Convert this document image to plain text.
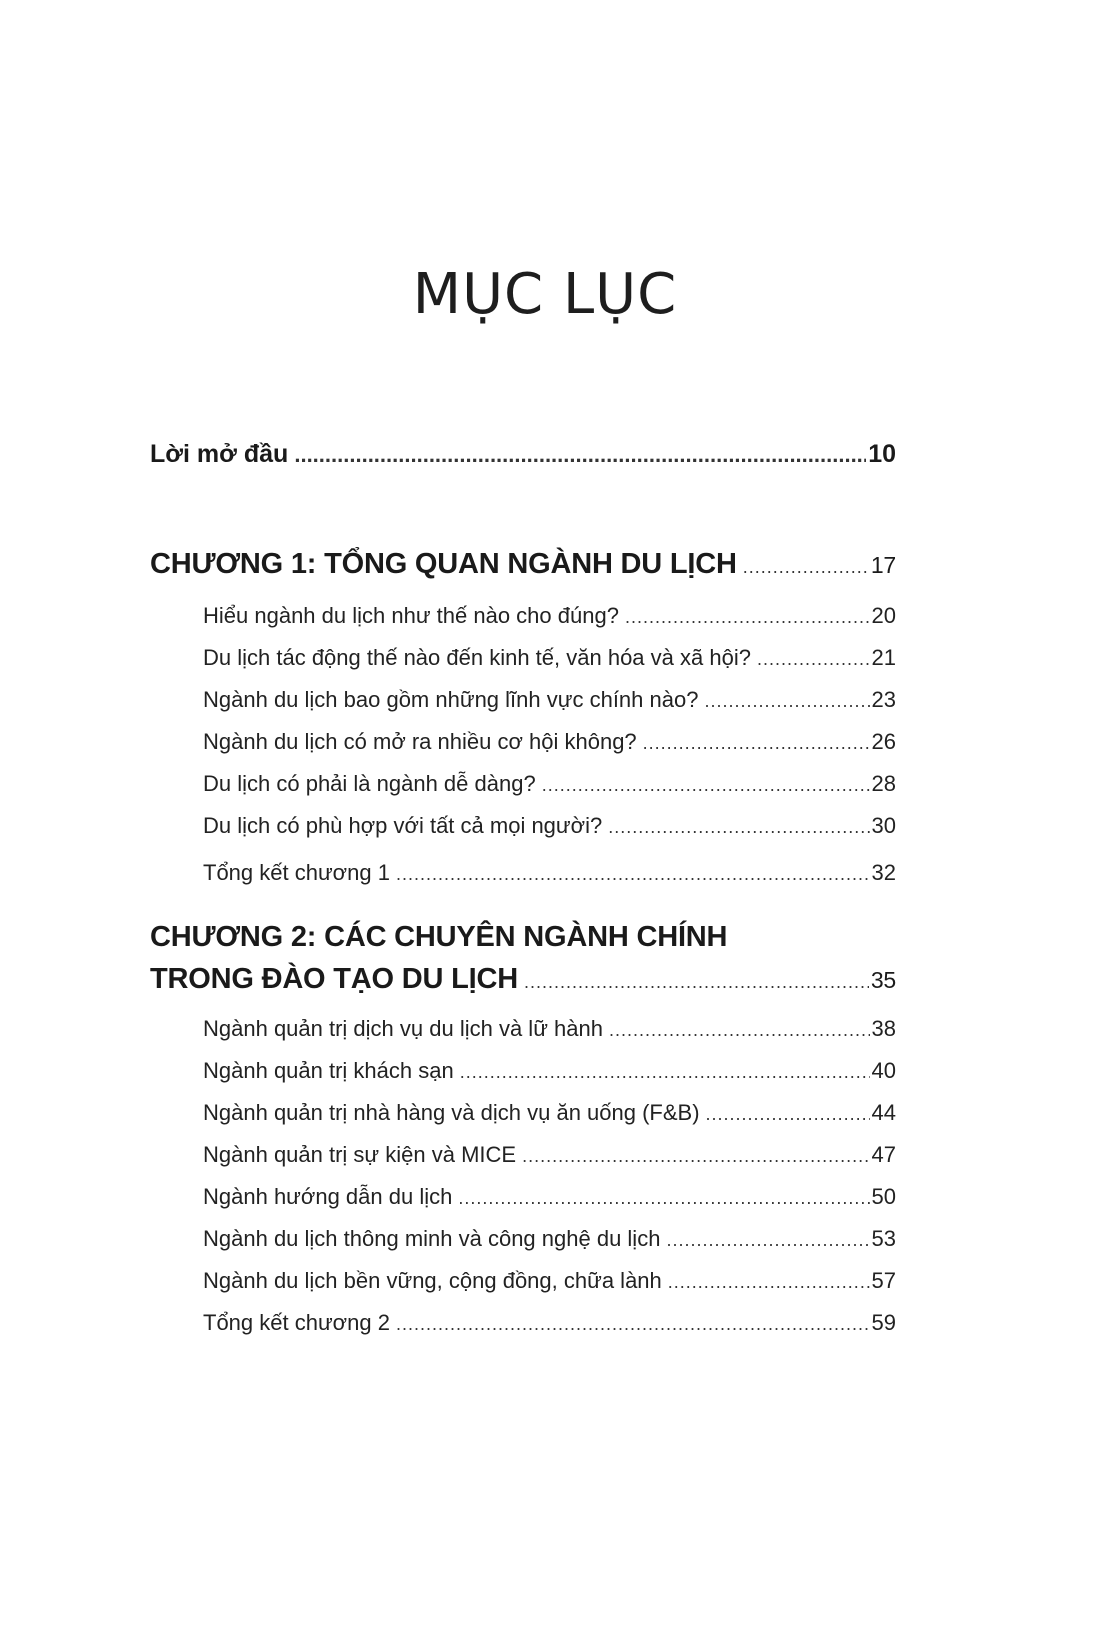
MỤC LỤC
Lời mở đầu .....	10
CHƯƠNG 1: TỔNG QUAN NGÀNH DU LỊCH .....	17
Hiểu ngành du lịch như thế nào cho đúng? .....	20
Du lịch tác động thế nào đến kinh tế, văn hóa và xã hội? .....	21
Ngành du lịch bao gồm những lĩnh vực chính nào? .....	23
Ngành du lịch có mở ra nhiều cơ hội không? .....	26
Du lịch có phải là ngành dễ dàng? .....	28
Du lịch có phù hợp với tất cả mọi người? .....	30
Tổng kết chương 1 .....	32
CHƯƠNG 2: CÁC CHUYÊN NGÀNH CHÍNH
TRONG ĐÀO TẠO DU LỊCH .....	35
Ngành quản trị dịch vụ du lịch và lữ hành .....	38
Ngành quản trị khách sạn .....	40
Ngành quản trị nhà hàng và dịch vụ ăn uống (F&B) .....	44
Ngành quản trị sự kiện và MICE .....	47
Ngành hướng dẫn du lịch .....	50
Ngành du lịch thông minh và công nghệ du lịch .....	53
Ngành du lịch bền vững, cộng đồng, chữa lành .....	57
Tổng kết chương 2 .....	59
